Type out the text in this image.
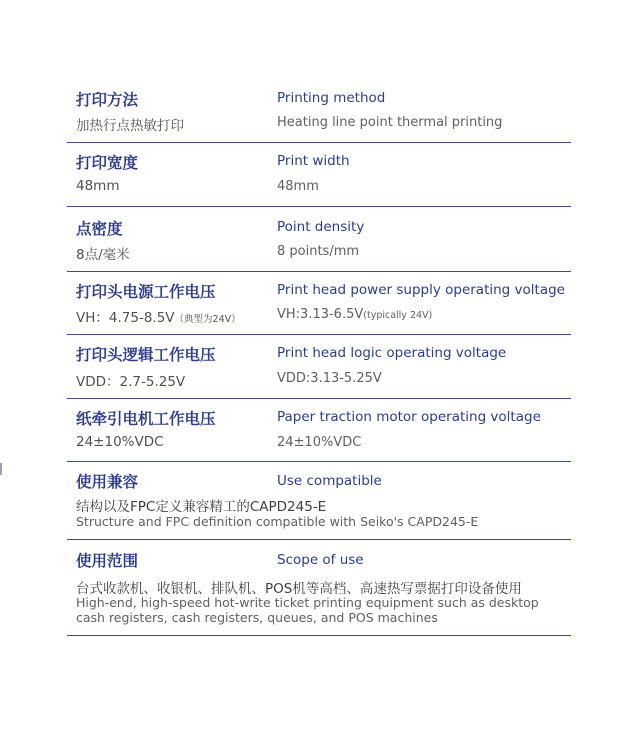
打印方法	Printing method
加热行点热敏打印	Heating line point thermal printing
打印宽度	Print width
48mm	48mm
点密度	Point density
8点/毫米	8 points/mm
打印头电源工作电压	Print head power supply operating voltage
VH：4.75-8.5V（典型为24V）	VH:3.13-6.5V(typically 24V)
打印头逻辑工作电压	Print head logic operating voltage
VDD：2.7-5.25V	VDD:3.13-5.25V
纸牵引电机工作电压	Paper traction motor operating voltage
24±10%VDC	24±10%VDC
使用兼容	Use compatible
结构以及FPC定义兼容精工的CAPD245-E
Structure and FPC definition compatible with Seiko's CAPD245-E
使用范围	Scope of use
台式收款机、收银机、排队机、POS机等高档、高速热写票据打印设备使用
High-end, high-speed hot-write ticket printing equipment such as desktop cash registers, cash registers, queues, and POS machines
